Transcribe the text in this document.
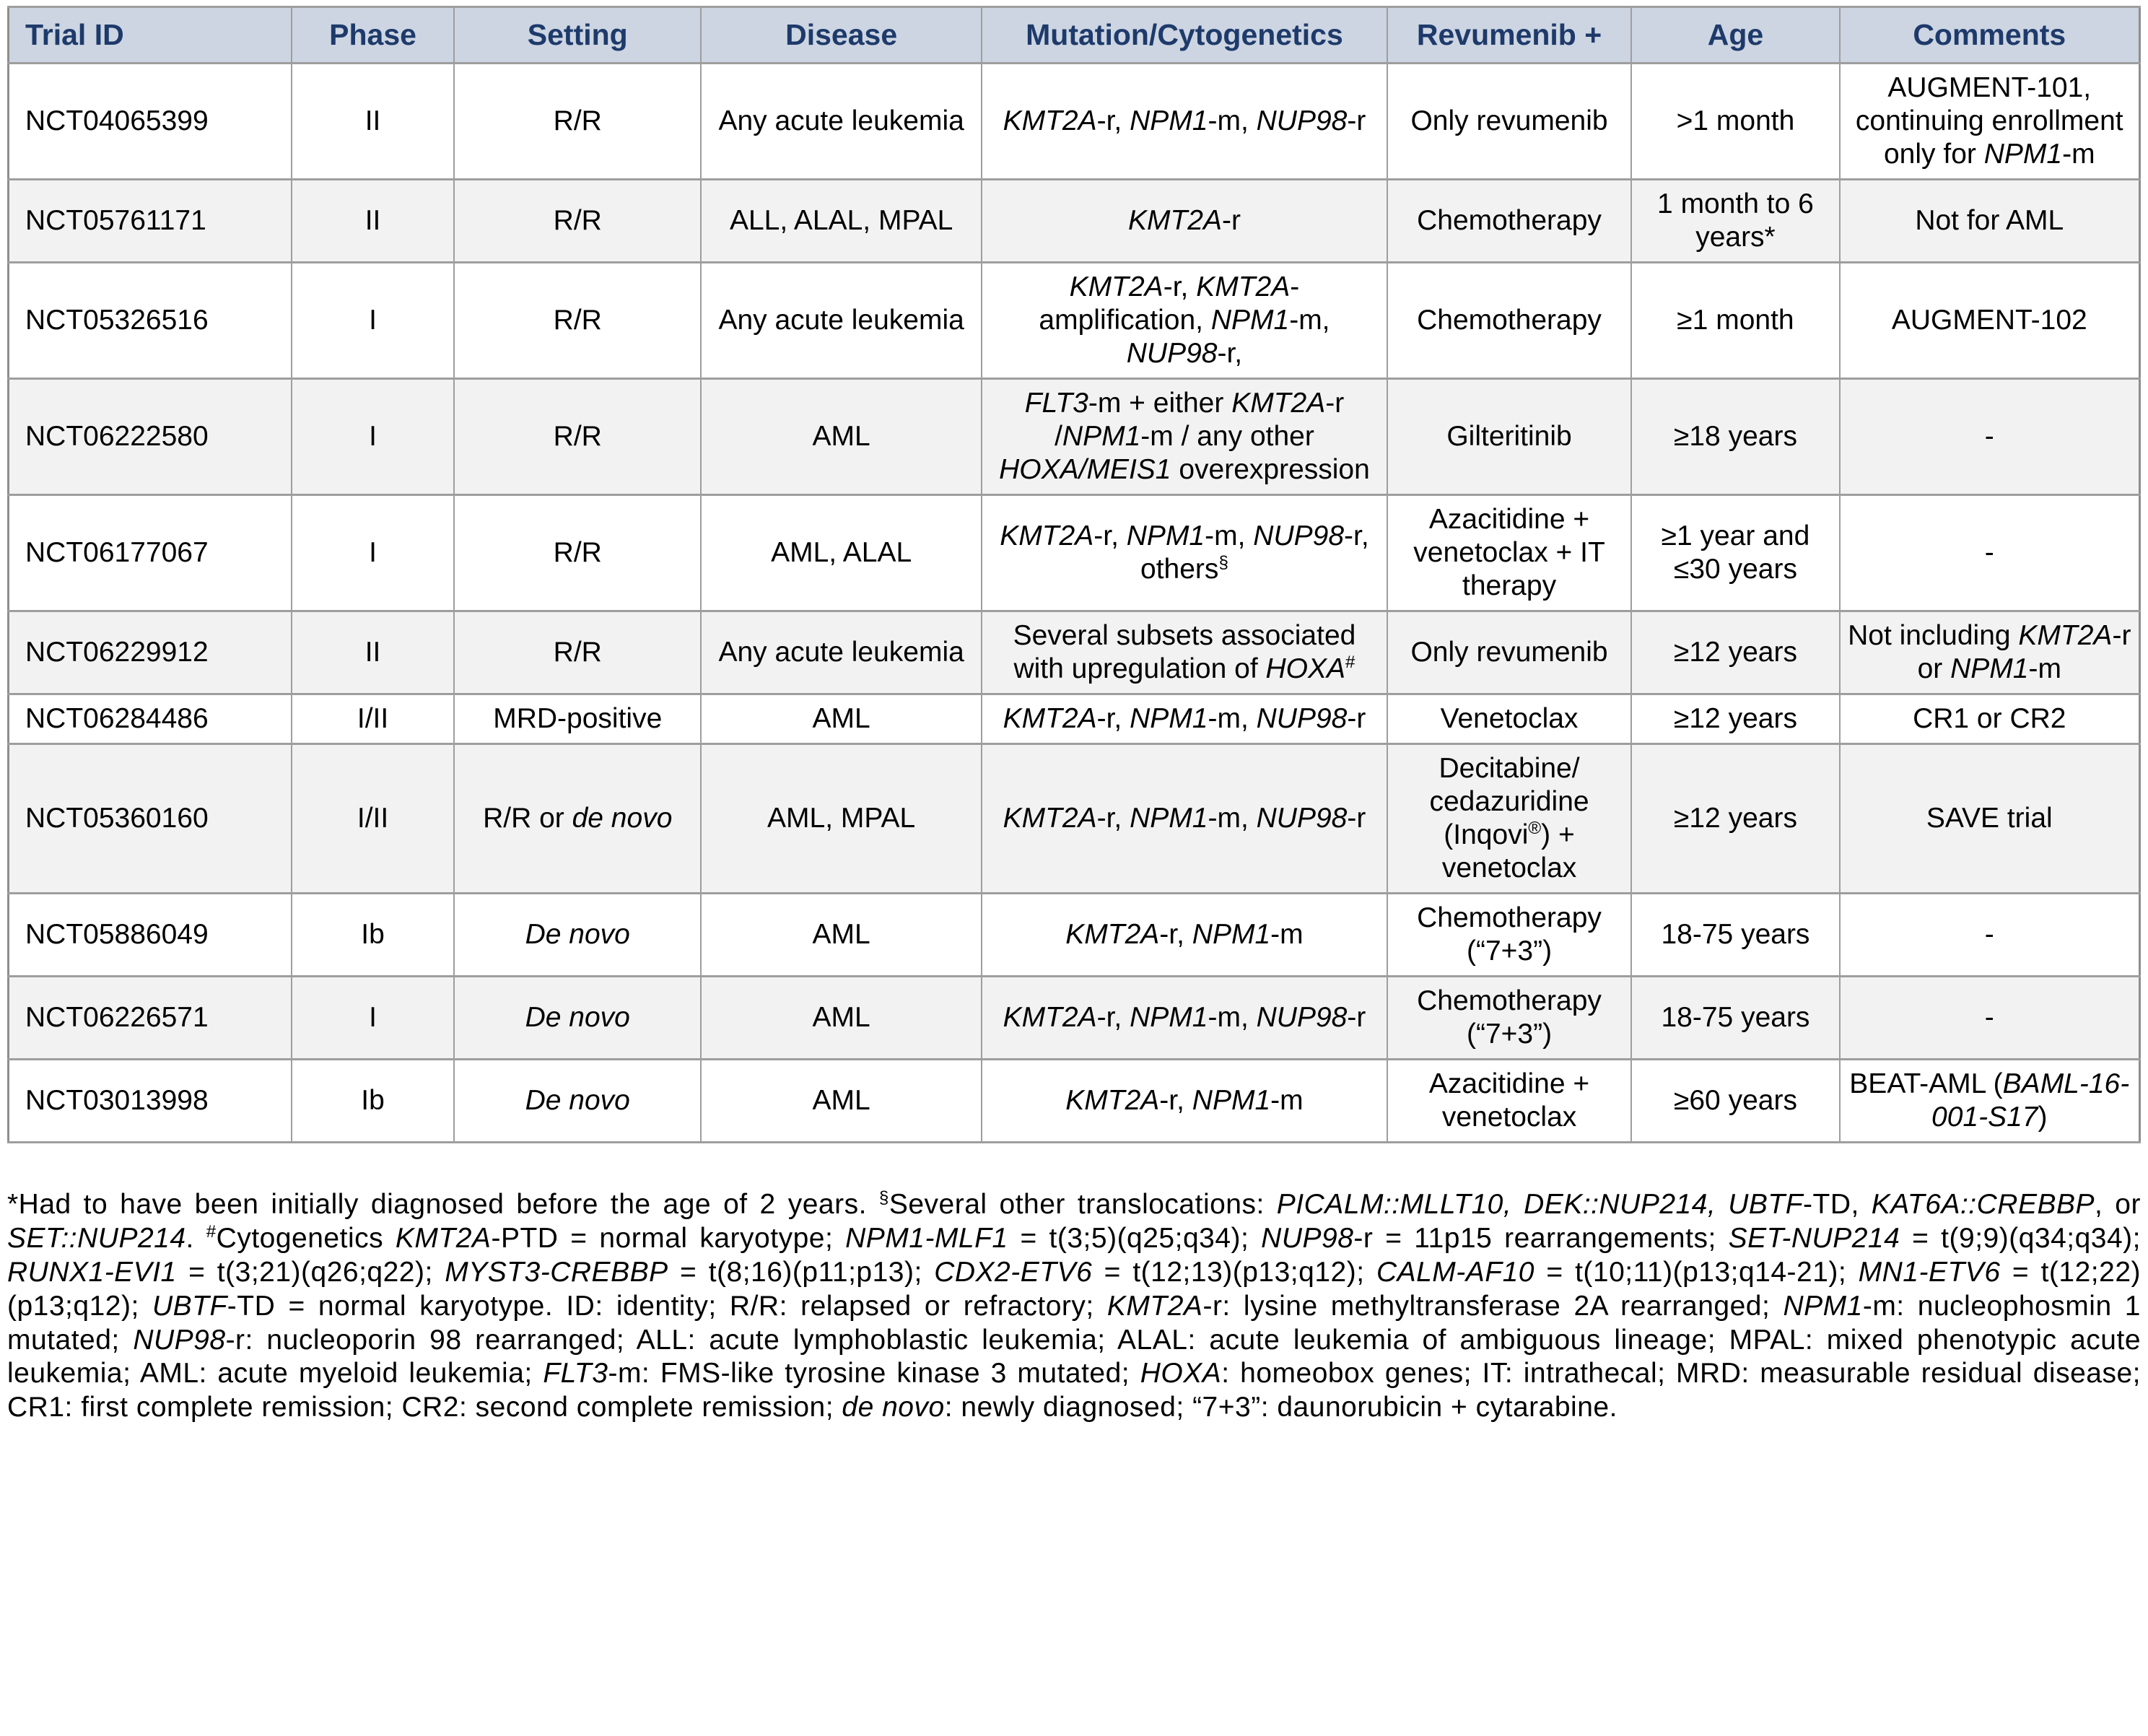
Trial ID	Phase	Setting	Disease	Mutation/Cytogenetics	Revumenib +	Age	Comments
NCT04065399	II	R/R	Any acute leukemia	KMT2A-r, NPM1-m, NUP98-r	Only revumenib	>1 month	AUGMENT-101, continuing enrollment only for NPM1-m
NCT05761171	II	R/R	ALL, ALAL, MPAL	KMT2A-r	Chemotherapy	1 month to 6 years*	Not for AML
NCT05326516	I	R/R	Any acute leukemia	KMT2A-r, KMT2A-amplification, NPM1-m, NUP98-r,	Chemotherapy	≥1 month	AUGMENT-102
NCT06222580	I	R/R	AML	FLT3-m + either KMT2A-r /NPM1-m / any other HOXA/MEIS1 overexpression	Gilteritinib	≥18 years	-
NCT06177067	I	R/R	AML, ALAL	KMT2A-r, NPM1-m, NUP98-r, others§	Azacitidine + venetoclax + IT therapy	≥1 year and ≤30 years	-
NCT06229912	II	R/R	Any acute leukemia	Several subsets associated with upregulation of HOXA#	Only revumenib	≥12 years	Not including KMT2A-r or NPM1-m
NCT06284486	I/II	MRD-positive	AML	KMT2A-r, NPM1-m, NUP98-r	Venetoclax	≥12 years	CR1 or CR2
NCT05360160	I/II	R/R or de novo	AML, MPAL	KMT2A-r, NPM1-m, NUP98-r	Decitabine/ cedazuridine (Inqovi®) + venetoclax	≥12 years	SAVE trial
NCT05886049	Ib	De novo	AML	KMT2A-r, NPM1-m	Chemotherapy (“7+3”)	18-75 years	-
NCT06226571	I	De novo	AML	KMT2A-r, NPM1-m, NUP98-r	Chemotherapy (“7+3”)	18-75 years	-
NCT03013998	Ib	De novo	AML	KMT2A-r, NPM1-m	Azacitidine + venetoclax	≥60 years	BEAT-AML (BAML-16-001-S17)
*Had to have been initially diagnosed before the age of 2 years. §Several other translocations: PICALM::MLLT10, DEK::NUP214, UBTF-TD, KAT6A::CREBBP, or SET::NUP214. #Cytogenetics KMT2A-PTD = normal karyotype; NPM1-MLF1 = t(3;5)(q25;q34); NUP98-r = 11p15 rearrangements; SET-NUP214 = t(9;9)(q34;q34); RUNX1-EVI1 = t(3;21)(q26;q22); MYST3-CREBBP = t(8;16)(p11;p13); CDX2-ETV6 = t(12;13)(p13;q12); CALM-AF10 = t(10;11)(p13;q14-21); MN1-ETV6 = t(12;22)(p13;q12); UBTF-TD = normal karyotype. ID: identity; R/R: relapsed or refractory; KMT2A-r: lysine methyltransferase 2A rearranged; NPM1-m: nucleophosmin 1 mutated; NUP98-r: nucleoporin 98 rearranged; ALL: acute lymphoblastic leukemia; ALAL: acute leukemia of ambiguous lineage; MPAL: mixed phenotypic acute leukemia; AML: acute myeloid leukemia; FLT3-m: FMS-like tyrosine kinase 3 mutated; HOXA: homeobox genes; IT: intrathecal; MRD: measurable residual disease; CR1: first complete remission; CR2: second complete remission; de novo: newly diagnosed; “7+3”: daunorubicin + cytarabine.
